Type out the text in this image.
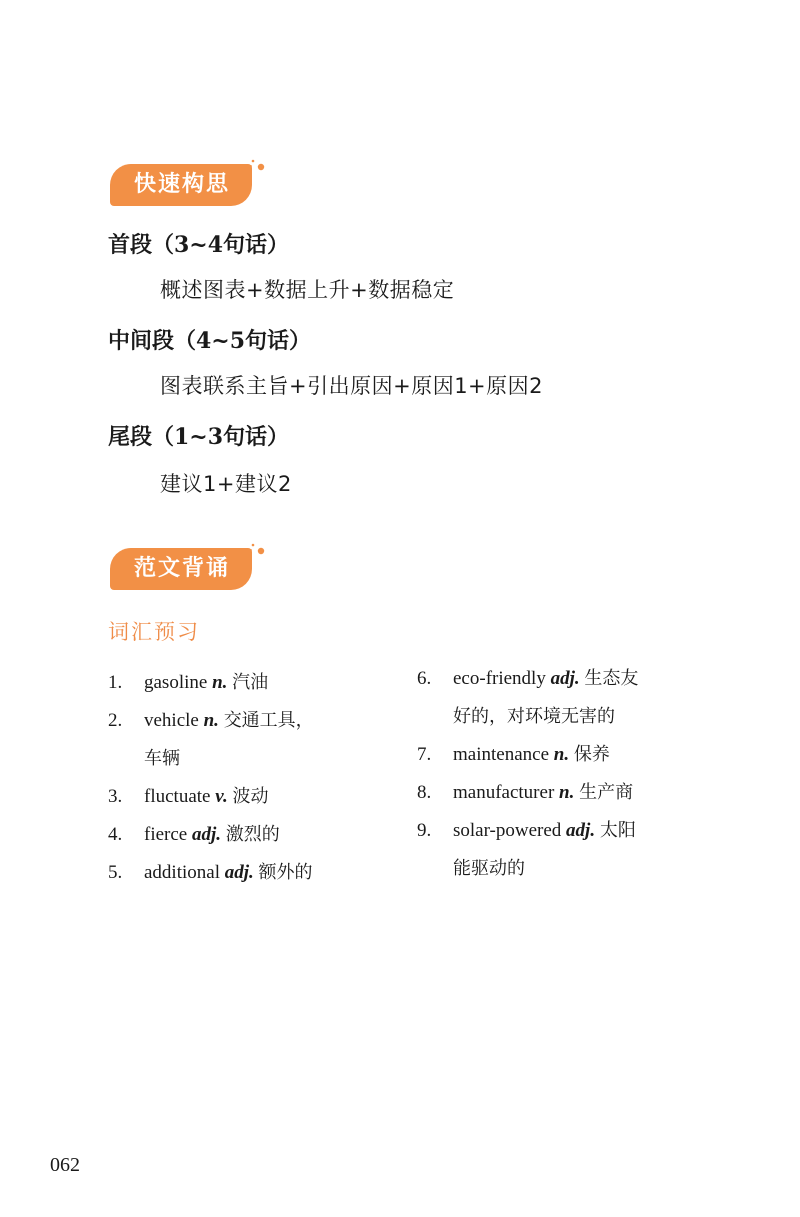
快速构思
首段（3~4句话）
概述图表+数据上升+数据稳定
中间段（4~5句话）
图表联系主旨+引出原因+原因1+原因2
尾段（1~3句话）
建议1+建议2
范文背诵
词汇预习
1. gasoline n. 汽油
2. vehicle n. 交通工具，
车辆
3. fluctuate v. 波动
4. fierce adj. 激烈的
5. additional adj. 额外的
6. eco-friendly adj. 生态友
好的，对环境无害的
7. maintenance n. 保养
8. manufacturer n. 生产商
9. solar-powered adj. 太阳
能驱动的
062
